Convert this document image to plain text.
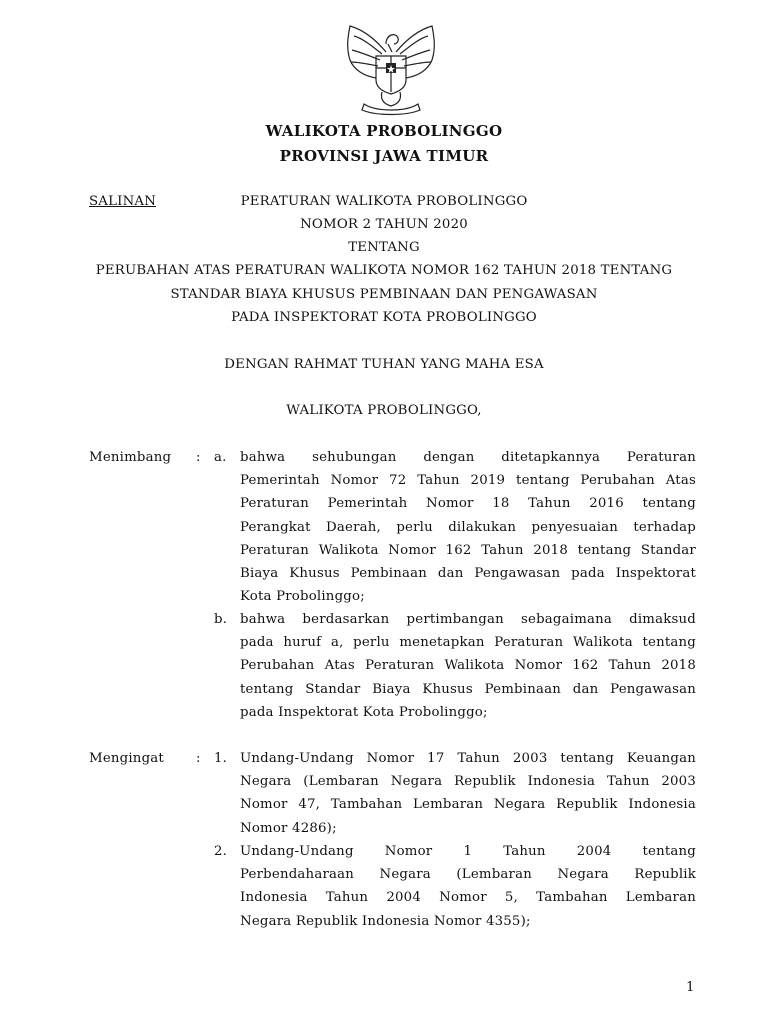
WALIKOTA PROBOLINGGO
PROVINSI JAWA TIMUR
SALINAN	PERATURAN WALIKOTA PROBOLINGGO
NOMOR 2 TAHUN 2020
TENTANG
PERUBAHAN ATAS PERATURAN WALIKOTA NOMOR 162 TAHUN 2018 TENTANG
STANDAR BIAYA KHUSUS PEMBINAAN DAN PENGAWASAN
PADA INSPEKTORAT KOTA PROBOLINGGO
DENGAN RAHMAT TUHAN YANG MAHA ESA
WALIKOTA PROBOLINGGO,
Menimbang : a. bahwa sehubungan dengan ditetapkannya Peraturan
Pemerintah Nomor 72 Tahun 2019 tentang Perubahan Atas
Peraturan Pemerintah Nomor 18 Tahun 2016 tentang
Perangkat Daerah, perlu dilakukan penyesuaian terhadap
Peraturan Walikota Nomor 162 Tahun 2018 tentang Standar
Biaya Khusus Pembinaan dan Pengawasan pada Inspektorat
Kota Probolinggo;
b. bahwa berdasarkan pertimbangan sebagaimana dimaksud
pada huruf a, perlu menetapkan Peraturan Walikota tentang
Perubahan Atas Peraturan Walikota Nomor 162 Tahun 2018
tentang Standar Biaya Khusus Pembinaan dan Pengawasan
pada Inspektorat Kota Probolinggo;
Mengingat : 1. Undang-Undang Nomor 17 Tahun 2003 tentang Keuangan
Negara (Lembaran Negara Republik Indonesia Tahun 2003
Nomor 47, Tambahan Lembaran Negara Republik Indonesia
Nomor 4286);
2. Undang-Undang Nomor 1 Tahun 2004 tentang
Perbendaharaan Negara (Lembaran Negara Republik
Indonesia Tahun 2004 Nomor 5, Tambahan Lembaran
Negara Republik Indonesia Nomor 4355);
1
